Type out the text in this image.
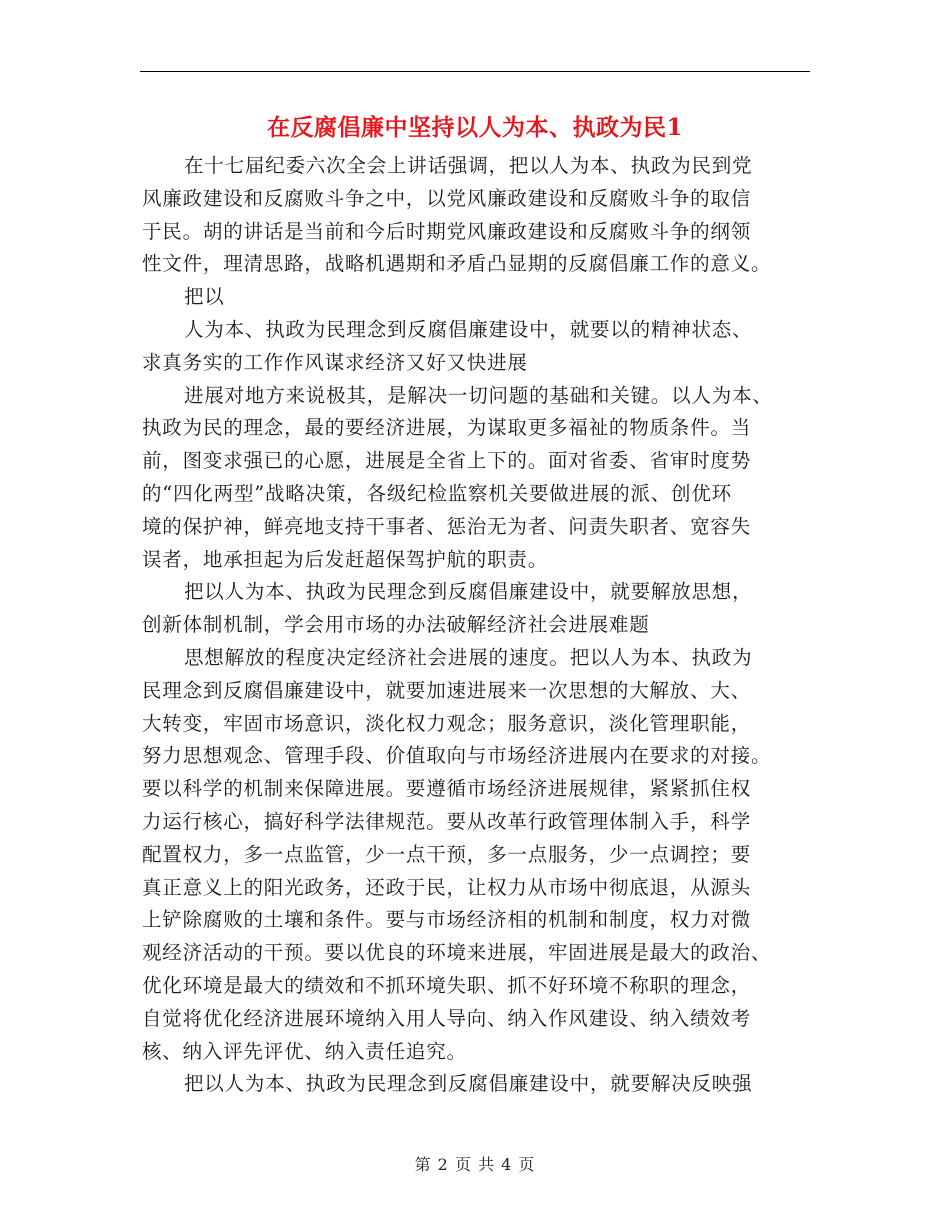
在反腐倡廉中坚持以人为本、执政为民1
在十七届纪委六次全会上讲话强调，把以人为本、执政为民到党
风廉政建设和反腐败斗争之中，以党风廉政建设和反腐败斗争的取信
于民。胡的讲话是当前和今后时期党风廉政建设和反腐败斗争的纲领
性文件，理清思路，战略机遇期和矛盾凸显期的反腐倡廉工作的意义。
把以
人为本、执政为民理念到反腐倡廉建设中，就要以的精神状态、
求真务实的工作作风谋求经济又好又快进展
进展对地方来说极其，是解决一切问题的基础和关键。以人为本、
执政为民的理念，最的要经济进展，为谋取更多福祉的物质条件。当
前，图变求强已的心愿，进展是全省上下的。面对省委、省审时度势
的“四化两型”战略决策，各级纪检监察机关要做进展的派、创优环
境的保护神，鲜亮地支持干事者、惩治无为者、问责失职者、宽容失
误者，地承担起为后发赶超保驾护航的职责。
把以人为本、执政为民理念到反腐倡廉建设中，就要解放思想，
创新体制机制，学会用市场的办法破解经济社会进展难题
思想解放的程度决定经济社会进展的速度。把以人为本、执政为
民理念到反腐倡廉建设中，就要加速进展来一次思想的大解放、大、
大转变，牢固市场意识，淡化权力观念；服务意识，淡化管理职能，
努力思想观念、管理手段、价值取向与市场经济进展内在要求的对接。
要以科学的机制来保障进展。要遵循市场经济进展规律，紧紧抓住权
力运行核心，搞好科学法律规范。要从改革行政管理体制入手，科学
配置权力，多一点监管，少一点干预，多一点服务，少一点调控；要
真正意义上的阳光政务，还政于民，让权力从市场中彻底退，从源头
上铲除腐败的土壤和条件。要与市场经济相的机制和制度，权力对微
观经济活动的干预。要以优良的环境来进展，牢固进展是最大的政治、
优化环境是最大的绩效和不抓环境失职、抓不好环境不称职的理念，
自觉将优化经济进展环境纳入用人导向、纳入作风建设、纳入绩效考
核、纳入评先评优、纳入责任追究。
把以人为本、执政为民理念到反腐倡廉建设中，就要解决反映强
第 2 页 共 4 页
